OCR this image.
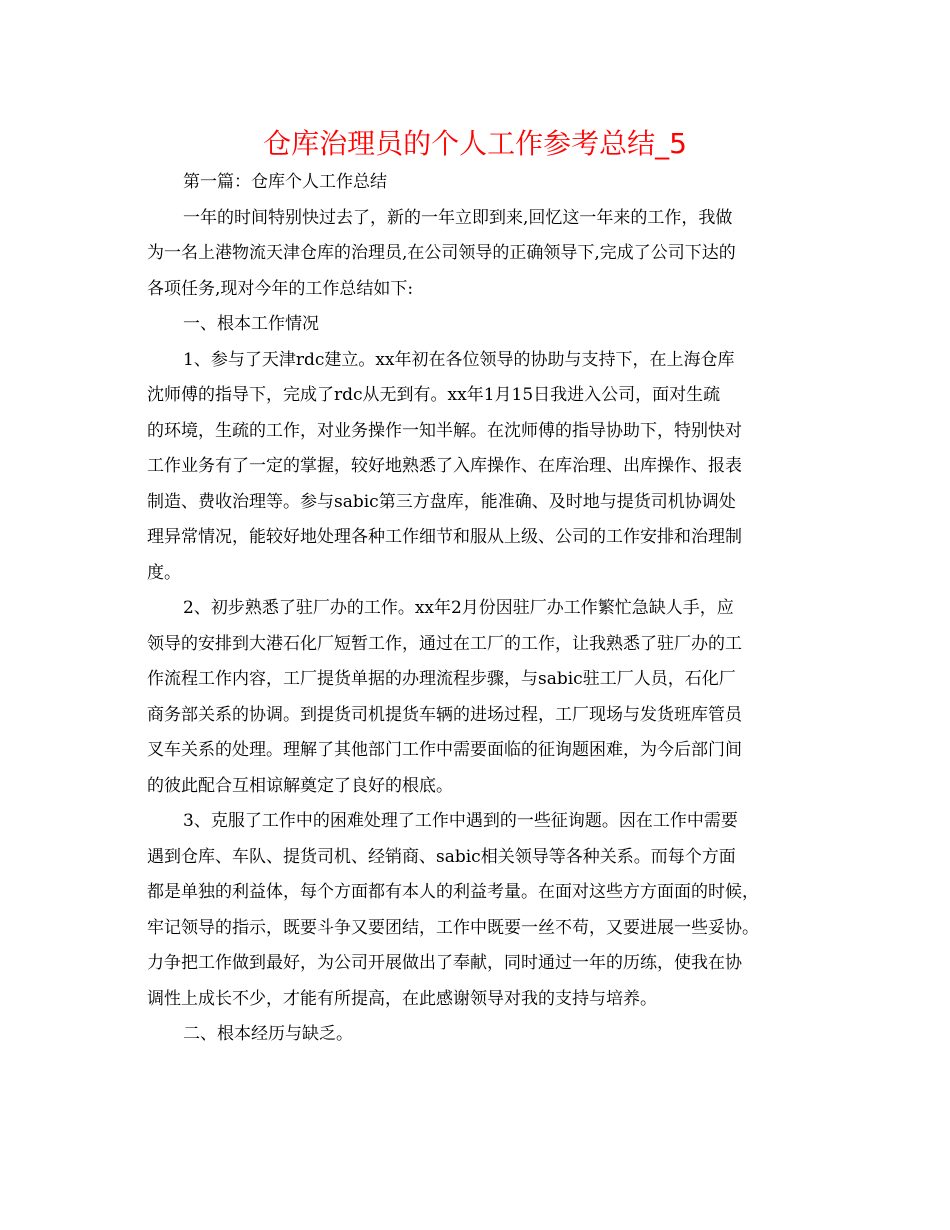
仓库治理员的个人工作参考总结_5
第一篇：仓库个人工作总结
一年的时间特别快过去了，新的一年立即到来,回忆这一年来的工作，我做
为一名上港物流天津仓库的治理员,在公司领导的正确领导下,完成了公司下达的
各项任务,现对今年的工作总结如下:
一、根本工作情况
1、参与了天津rdc建立。xx年初在各位领导的协助与支持下，在上海仓库
沈师傅的指导下，完成了rdc从无到有。xx年1月15日我进入公司，面对生疏
的环境，生疏的工作，对业务操作一知半解。在沈师傅的指导协助下，特别快对
工作业务有了一定的掌握，较好地熟悉了入库操作、在库治理、出库操作、报表
制造、费收治理等。参与sabic第三方盘库，能准确、及时地与提货司机协调处
理异常情况，能较好地处理各种工作细节和服从上级、公司的工作安排和治理制
度。
2、初步熟悉了驻厂办的工作。xx年2月份因驻厂办工作繁忙急缺人手，应
领导的安排到大港石化厂短暂工作，通过在工厂的工作，让我熟悉了驻厂办的工
作流程工作内容，工厂提货单据的办理流程步骤，与sabic驻工厂人员，石化厂
商务部关系的协调。到提货司机提货车辆的进场过程，工厂现场与发货班库管员
叉车关系的处理。理解了其他部门工作中需要面临的征询题困难，为今后部门间
的彼此配合互相谅解奠定了良好的根底。
3、克服了工作中的困难处理了工作中遇到的一些征询题。因在工作中需要
遇到仓库、车队、提货司机、经销商、sabic相关领导等各种关系。而每个方面
都是单独的利益体，每个方面都有本人的利益考量。在面对这些方方面面的时候，
牢记领导的指示，既要斗争又要团结，工作中既要一丝不苟，又要进展一些妥协。
力争把工作做到最好，为公司开展做出了奉献，同时通过一年的历练，使我在协
调性上成长不少，才能有所提高，在此感谢领导对我的支持与培养。
二、根本经历与缺乏。
